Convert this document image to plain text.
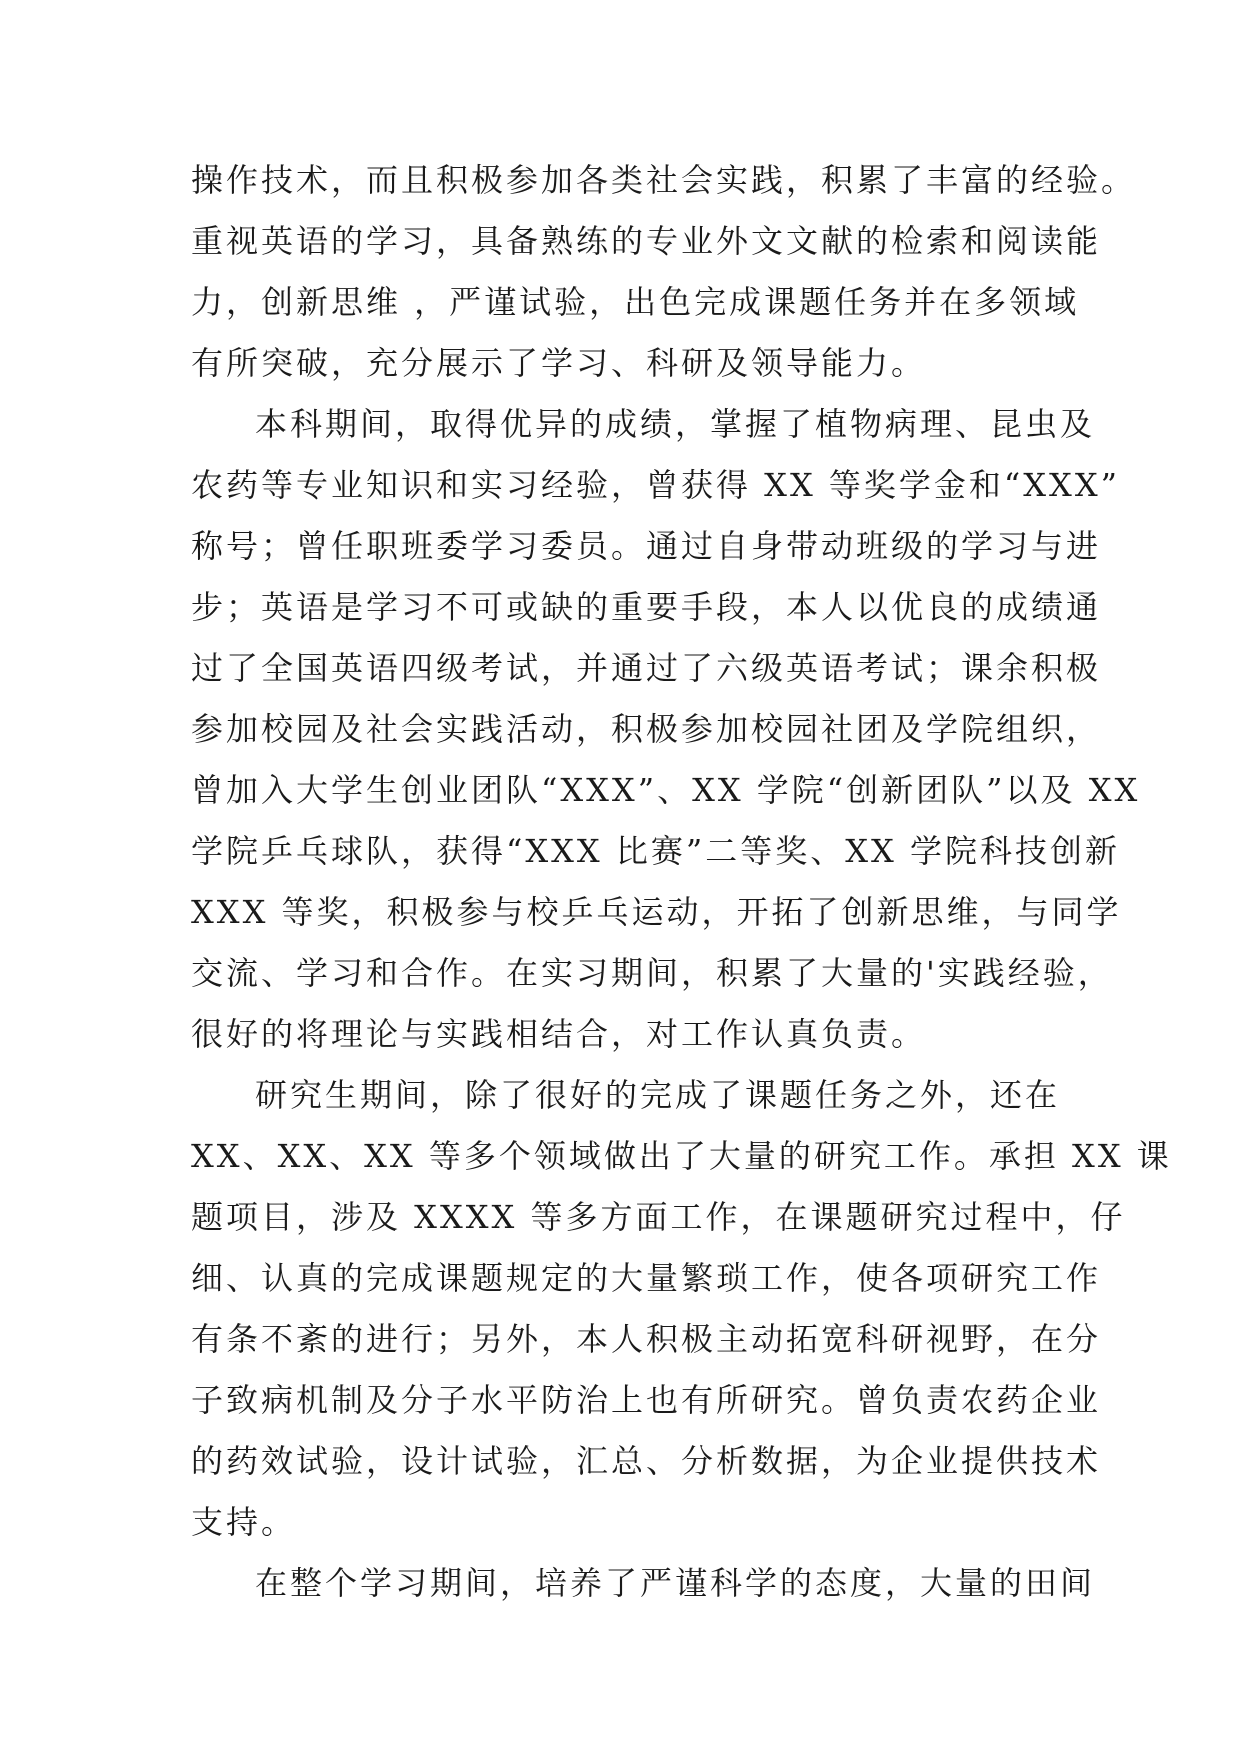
操作技术，而且积极参加各类社会实践，积累了丰富的经验。
重视英语的学习，具备熟练的专业外文文献的检索和阅读能
力，创新思维 ，严谨试验，出色完成课题任务并在多领域
有所突破，充分展示了学习、科研及领导能力。
本科期间，取得优异的成绩，掌握了植物病理、昆虫及
农药等专业知识和实习经验，曾获得 XX 等奖学金和“XXX”
称号；曾任职班委学习委员。通过自身带动班级的学习与进
步；英语是学习不可或缺的重要手段，本人以优良的成绩通
过了全国英语四级考试，并通过了六级英语考试；课余积极
参加校园及社会实践活动，积极参加校园社团及学院组织，
曾加入大学生创业团队“XXX”、XX 学院“创新团队”以及 XX
学院乒乓球队，获得“XXX 比赛”二等奖、XX 学院科技创新
XXX 等奖，积极参与校乒乓运动，开拓了创新思维，与同学
交流、学习和合作。在实习期间，积累了大量的'实践经验，
很好的将理论与实践相结合，对工作认真负责。
研究生期间，除了很好的完成了课题任务之外，还在
XX、XX、XX 等多个领域做出了大量的研究工作。承担 XX 课
题项目，涉及 XXXX 等多方面工作，在课题研究过程中，仔
细、认真的完成课题规定的大量繁琐工作，使各项研究工作
有条不紊的进行；另外，本人积极主动拓宽科研视野，在分
子致病机制及分子水平防治上也有所研究。曾负责农药企业
的药效试验，设计试验，汇总、分析数据，为企业提供技术
支持。
在整个学习期间，培养了严谨科学的态度，大量的田间
